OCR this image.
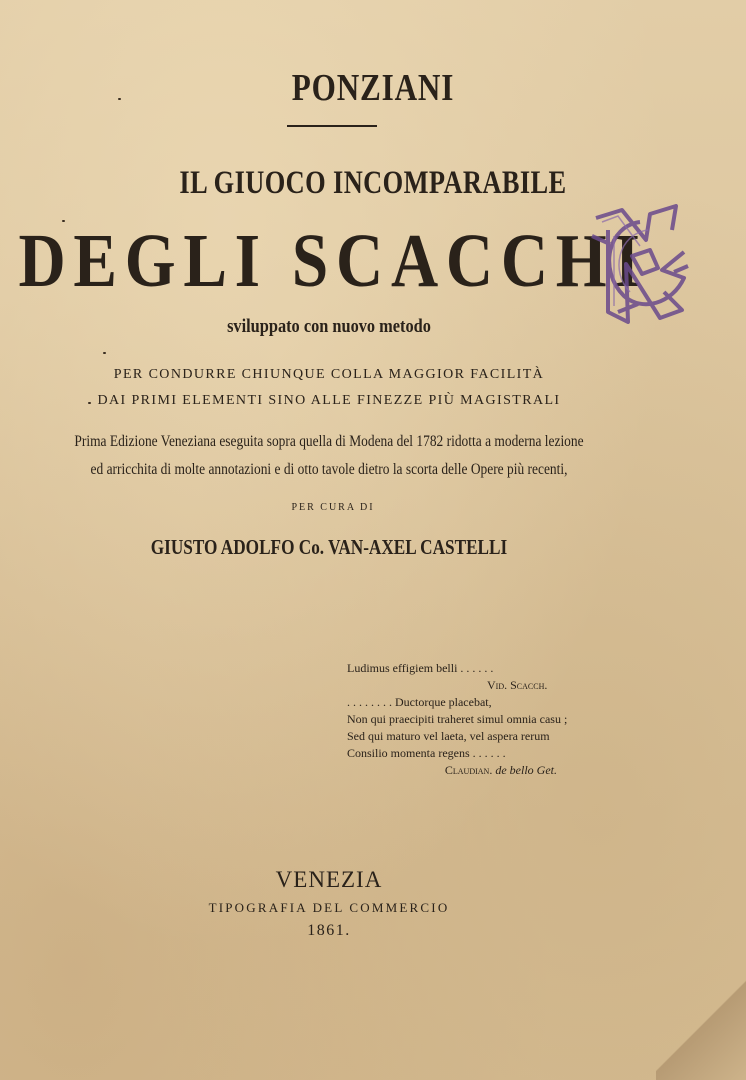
PONZIANI
IL GIUOCO INCOMPARABILE
DEGLI SCACCHI
sviluppato con nuovo metodo
PER CONDURRE CHIUNQUE COLLA MAGGIOR FACILITÀ
DAI PRIMI ELEMENTI SINO ALLE FINEZZE PIÙ MAGISTRALI
Prima Edizione Veneziana eseguita sopra quella di Modena del 1782 ridotta a moderna lezione
ed arricchita di molte annotazioni e di otto tavole dietro la scorta delle Opere più recenti,
PER CURA DI
GIUSTO ADOLFO Co. VAN-AXEL CASTELLI
Ludimus effigiem belli . . . . . .
Vid. Scacch.
. . . . . . . . Ductorque placebat,
Non qui praecipiti traheret simul omnia casu ;
Sed qui maturo vel laeta, vel aspera rerum
Consilio momenta regens . . . . . .
Claudian. de bello Get.
VENEZIA
TIPOGRAFIA DEL COMMERCIO
1861.
